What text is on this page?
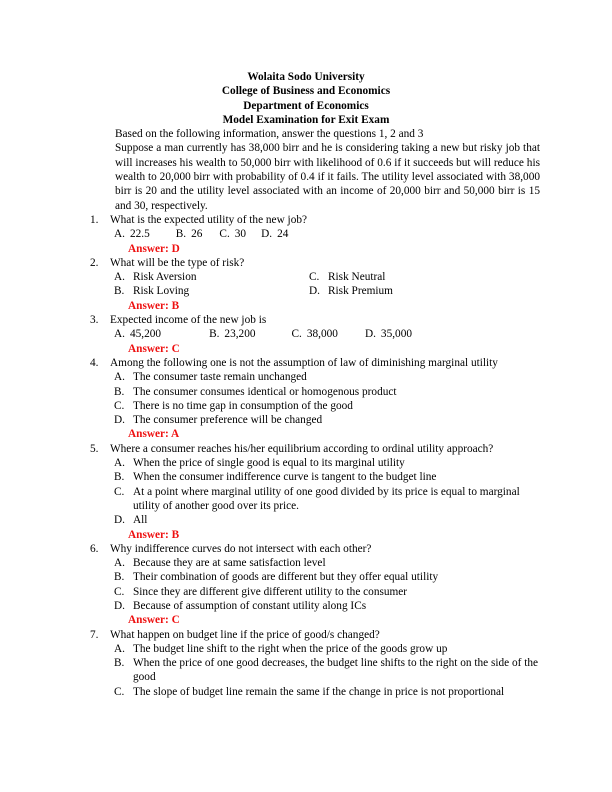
Wolaita Sodo University
College of Business and Economics
Department of Economics
Model Examination for Exit Exam
Based on the following information, answer the questions 1, 2 and 3
Suppose a man currently has 38,000 birr and he is considering taking a new but risky job that will increases his wealth to 50,000 birr with likelihood of 0.6 if it succeeds but will reduce his wealth to 20,000 birr with probability of 0.4 if it fails. The utility level associated with 38,000 birr is 20 and the utility level associated with an income of 20,000 birr and 50,000 birr is 15 and 30, respectively.
1.	What is the expected utility of the new job?
A. 22.5 B. 26 C. 30 D. 24
Answer: D
2.	What will be the type of risk?
A. Risk Aversion	C. Risk Neutral
B. Risk Loving	D. Risk Premium
Answer: B
3.	Expected income of the new job is
A. 45,200	B. 23,200	C. 38,000 D. 35,000
Answer: C
4.	Among the following one is not the assumption of law of diminishing marginal utility
A. The consumer taste remain unchanged
B. The consumer consumes identical or homogenous product
C. There is no time gap in consumption of the good
D. The consumer preference will be changed
Answer: A
5.	Where a consumer reaches his/her equilibrium according to ordinal utility approach?
A. When the price of single good is equal to its marginal utility
B. When the consumer indifference curve is tangent to the budget line
C. At a point where marginal utility of one good divided by its price is equal to marginal utility of another good over its price.
D. All
Answer: B
6.	Why indifference curves do not intersect with each other?
A. Because they are at same satisfaction level
B. Their combination of goods are different but they offer equal utility
C. Since they are different give different utility to the consumer
D. Because of assumption of constant utility along ICs
Answer: C
7.	What happen on budget line if the price of good/s changed?
A. The budget line shift to the right when the price of the goods grow up
B. When the price of one good decreases, the budget line shifts to the right on the side of the good
C. The slope of budget line remain the same if the change in price is not proportional
